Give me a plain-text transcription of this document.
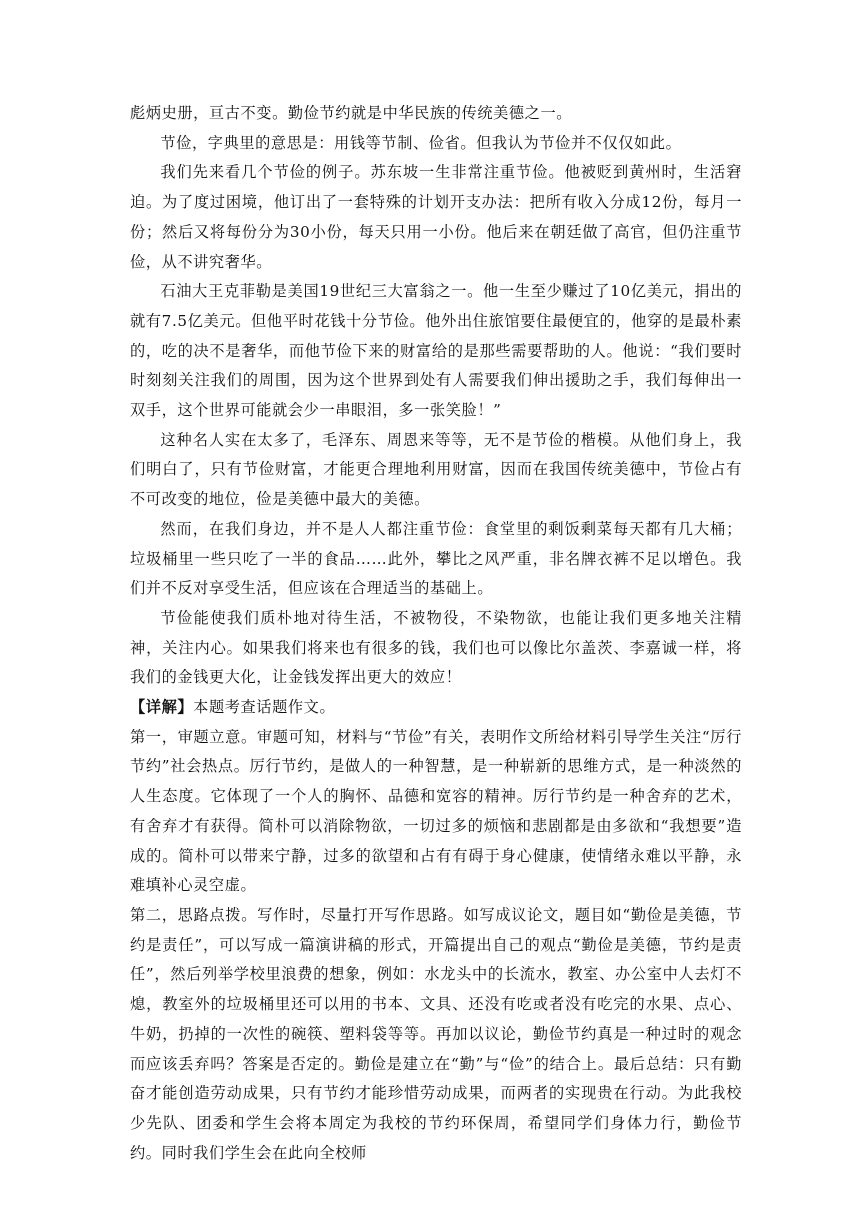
彪炳史册，亘古不变。勤俭节约就是中华民族的传统美德之一。

节俭，字典里的意思是：用钱等节制、俭省。但我认为节俭并不仅仅如此。

我们先来看几个节俭的例子。苏东坡一生非常注重节俭。他被贬到黄州时，生活窘迫。为了度过困境，他订出了一套特殊的计划开支办法：把所有收入分成12份，每月一份；然后又将每份分为30小份，每天只用一小份。他后来在朝廷做了高官，但仍注重节俭，从不讲究奢华。

石油大王克菲勒是美国19世纪三大富翁之一。他一生至少赚过了10亿美元，捐出的就有7.5亿美元。但他平时花钱十分节俭。他外出住旅馆要住最便宜的，他穿的是最朴素的，吃的决不是奢华，而他节俭下来的财富给的是那些需要帮助的人。他说：“我们要时时刻刻关注我们的周围，因为这个世界到处有人需要我们伸出援助之手，我们每伸出一双手，这个世界可能就会少一串眼泪，多一张笑脸！”

这种名人实在太多了，毛泽东、周恩来等等，无不是节俭的楷模。从他们身上，我们明白了，只有节俭财富，才能更合理地利用财富，因而在我国传统美德中，节俭占有不可改变的地位，俭是美德中最大的美德。

然而，在我们身边，并不是人人都注重节俭：食堂里的剩饭剩菜每天都有几大桶；垃圾桶里一些只吃了一半的食品……此外，攀比之风严重，非名牌衣裤不足以增色。我们并不反对享受生活，但应该在合理适当的基础上。

节俭能使我们质朴地对待生活，不被物役，不染物欲，也能让我们更多地关注精神，关注内心。如果我们将来也有很多的钱，我们也可以像比尔盖茨、李嘉诚一样，将我们的金钱更大化，让金钱发挥出更大的效应！

【详解】本题考查话题作文。

第一，审题立意。审题可知，材料与“节俭”有关，表明作文所给材料引导学生关注“厉行节约”社会热点。厉行节约，是做人的一种智慧，是一种崭新的思维方式，是一种淡然的人生态度。它体现了一个人的胸怀、品德和宽容的精神。厉行节约是一种舍弃的艺术，有舍弃才有获得。简朴可以消除物欲，一切过多的烦恼和悲剧都是由多欲和“我想要”造成的。简朴可以带来宁静，过多的欲望和占有有碍于身心健康，使情绪永难以平静，永难填补心灵空虚。

第二，思路点拨。写作时，尽量打开写作思路。如写成议论文，题目如“勤俭是美德，节约是责任”，可以写成一篇演讲稿的形式，开篇提出自己的观点“勤俭是美德，节约是责任”，然后列举学校里浪费的想象，例如：水龙头中的长流水，教室、办公室中人去灯不熄，教室外的垃圾桶里还可以用的书本、文具、还没有吃或者没有吃完的水果、点心、牛奶，扔掉的一次性的碗筷、塑料袋等等。再加以议论，勤俭节约真是一种过时的观念而应该丢弃吗？答案是否定的。勤俭是建立在“勤”与“俭”的结合上。最后总结：只有勤奋才能创造劳动成果，只有节约才能珍惜劳动成果，而两者的实现贵在行动。为此我校少先队、团委和学生会将本周定为我校的节约环保周，希望同学们身体力行，勤俭节约。同时我们学生会在此向全校师
